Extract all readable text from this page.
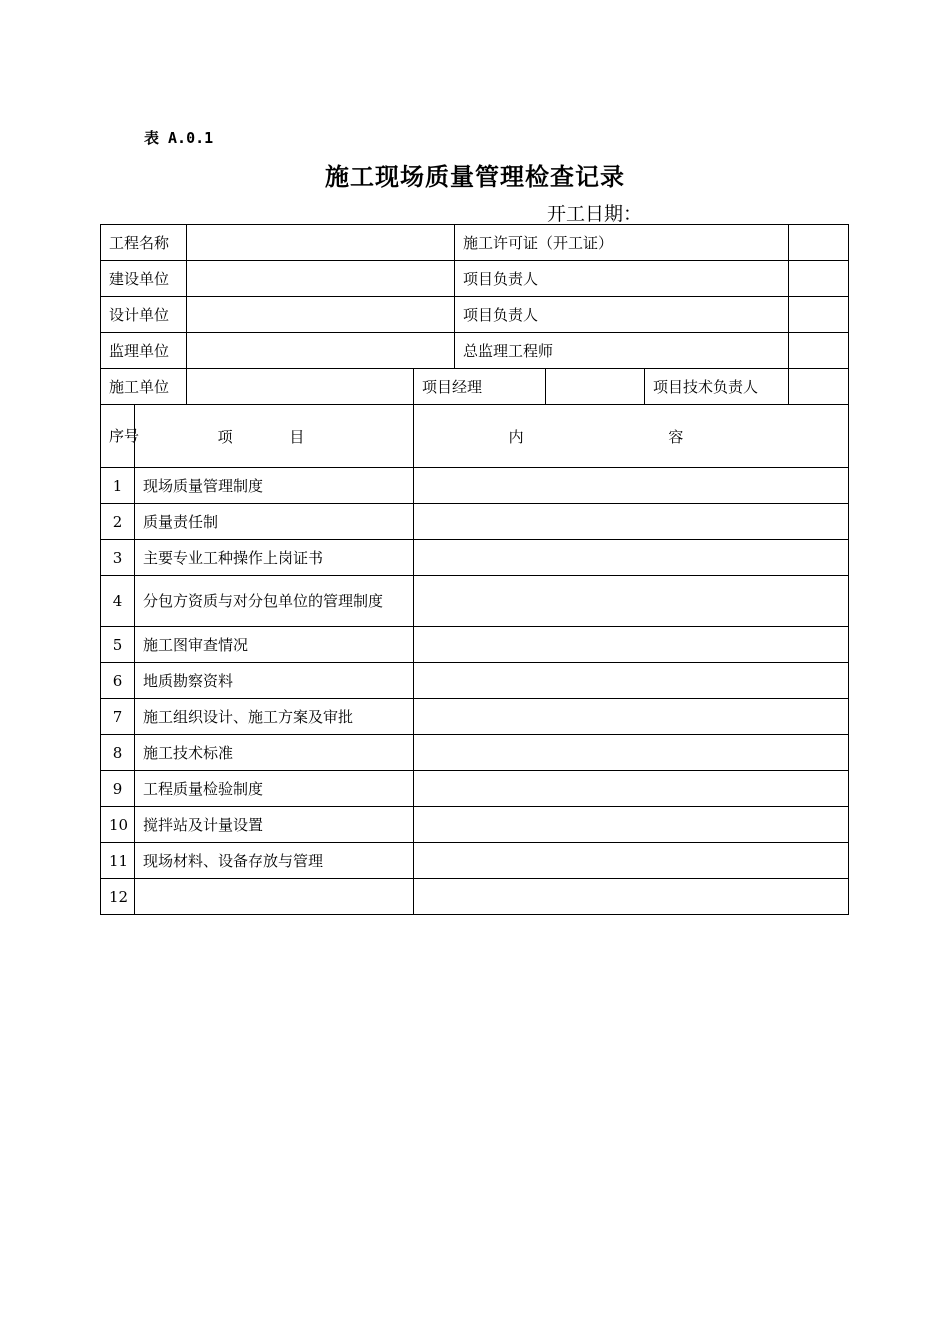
表 A.0.1
施工现场质量管理检查记录
开工日期：
工程名称				施工许可证（开工证）			
建设单位				项目负责人			
设计单位				项目负责人			
监理单位				总监理工程师			
施工单位			项目经理			项目技术负责人	
序号	项 目		内 容				
1	现场质量管理制度						
2	质量责任制						
3	主要专业工种操作上岗证书						
4	分包方资质与对分包单位的管理制度						
5	施工图审查情况						
6	地质勘察资料						
7	施工组织设计、施工方案及审批						
8	施工技术标准						
9	工程质量检验制度						
10	搅拌站及计量设置						
11	现场材料、设备存放与管理						
12							
